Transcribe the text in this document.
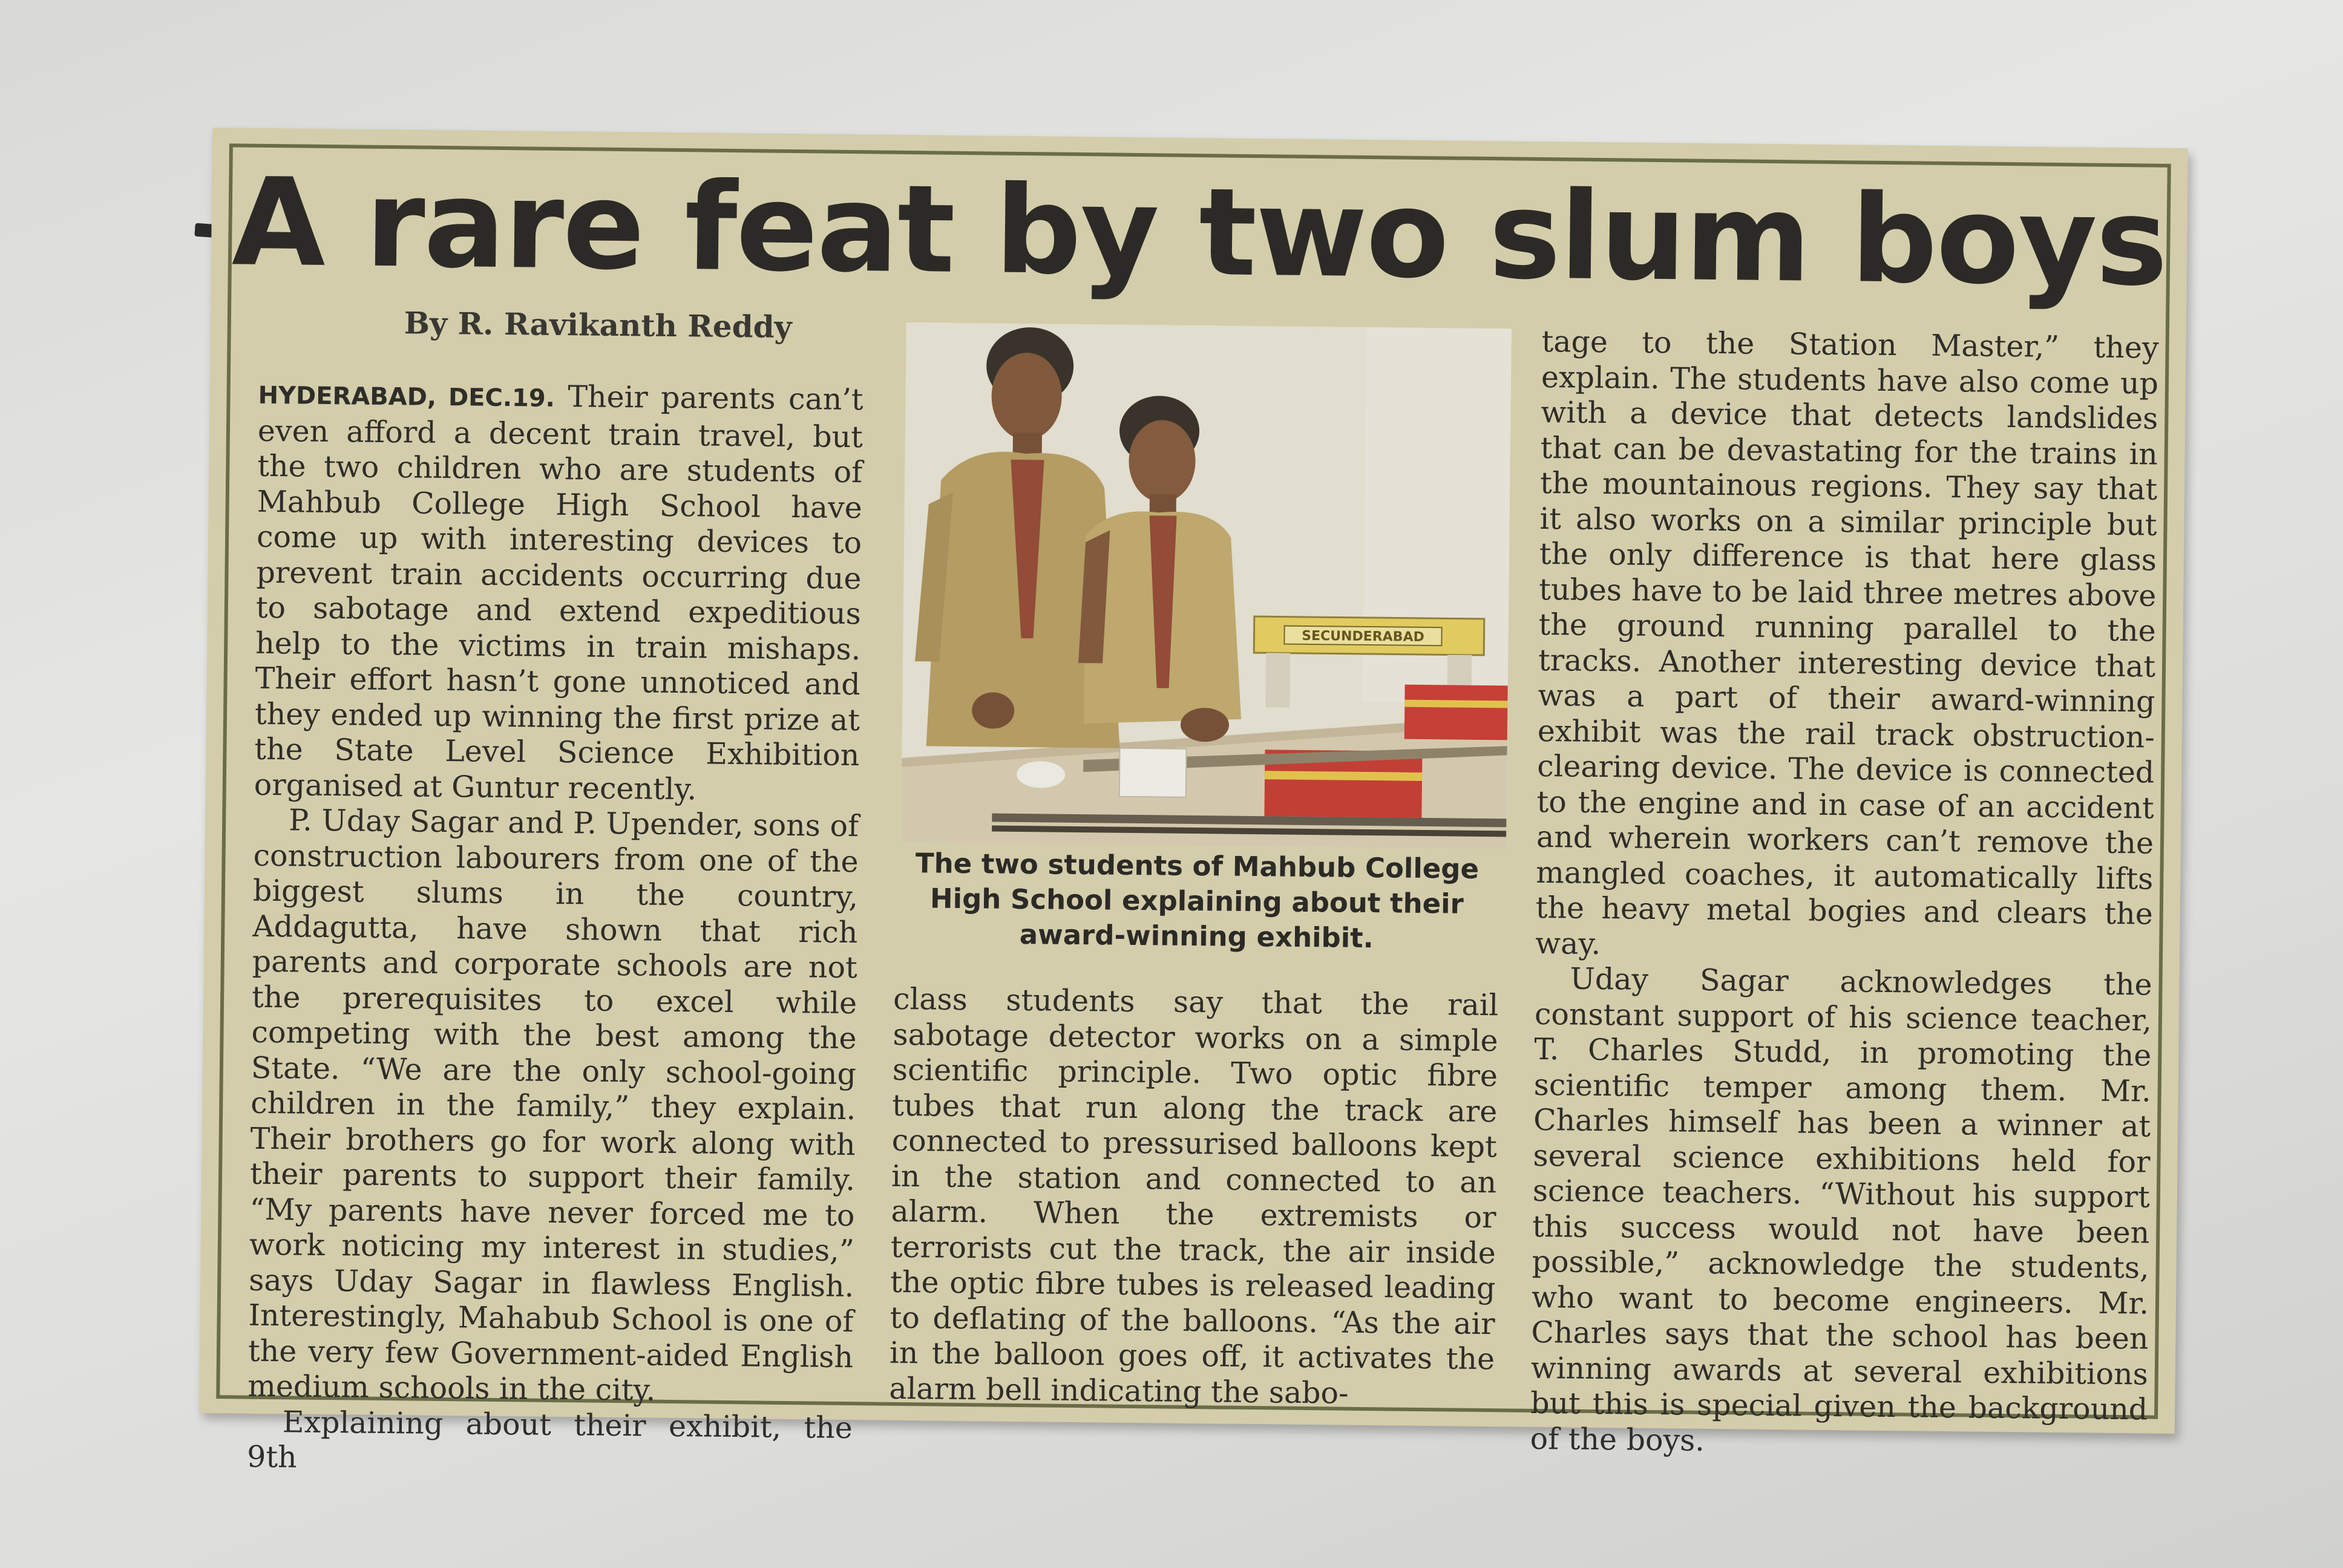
A rare feat by two slum boys

By R. Ravikanth Reddy

HYDERABAD, DEC.19. Their parents can’t even afford a decent train travel, but the two children who are students of Mahbub College High School have come up with interesting devices to prevent train accidents occurring due to sabotage and extend expeditious help to the victims in train mishaps. Their effort hasn’t gone unnoticed and they ended up winning the first prize at the State Level Science Exhibition organised at Guntur recently.

P. Uday Sagar and P. Upender, sons of construction labourers from one of the biggest slums in the country, Addagutta, have shown that rich parents and corporate schools are not the prerequisites to excel while competing with the best among the State. “We are the only school-going children in the family,” they explain. Their brothers go for work along with their parents to support their family. “My parents have never forced me to work noticing my interest in studies,” says Uday Sagar in flawless English. Interestingly, Mahabub School is one of the very few Government-aided English medium schools in the city.

Explaining about their exhibit, the 9th

SECUNDERABAD

The two students of Mahbub College High School explaining about their award-winning exhibit.

class students say that the rail sabotage detector works on a simple scientific principle. Two optic fibre tubes that run along the track are connected to pressurised balloons kept in the station and connected to an alarm. When the extremists or terrorists cut the track, the air inside the optic fibre tubes is released leading to deflating of the balloons. “As the air in the balloon goes off, it activates the alarm bell indicating the sabo-

tage to the Station Master,” they explain. The students have also come up with a device that detects landslides that can be devastating for the trains in the mountainous regions. They say that it also works on a similar principle but the only difference is that here glass tubes have to be laid three metres above the ground running parallel to the tracks. Another interesting device that was a part of their award-winning exhibit was the rail track obstruction-clearing device. The device is connected to the engine and in case of an accident and wherein workers can’t remove the mangled coaches, it automatically lifts the heavy metal bogies and clears the way.

Uday Sagar acknowledges the constant support of his science teacher, T. Charles Studd, in promoting the scientific temper among them. Mr. Charles himself has been a winner at several science exhibitions held for science teachers. “Without his support this success would not have been possible,” acknowledge the students, who want to become engineers. Mr. Charles says that the school has been winning awards at several exhibitions but this is special given the background of the boys.
